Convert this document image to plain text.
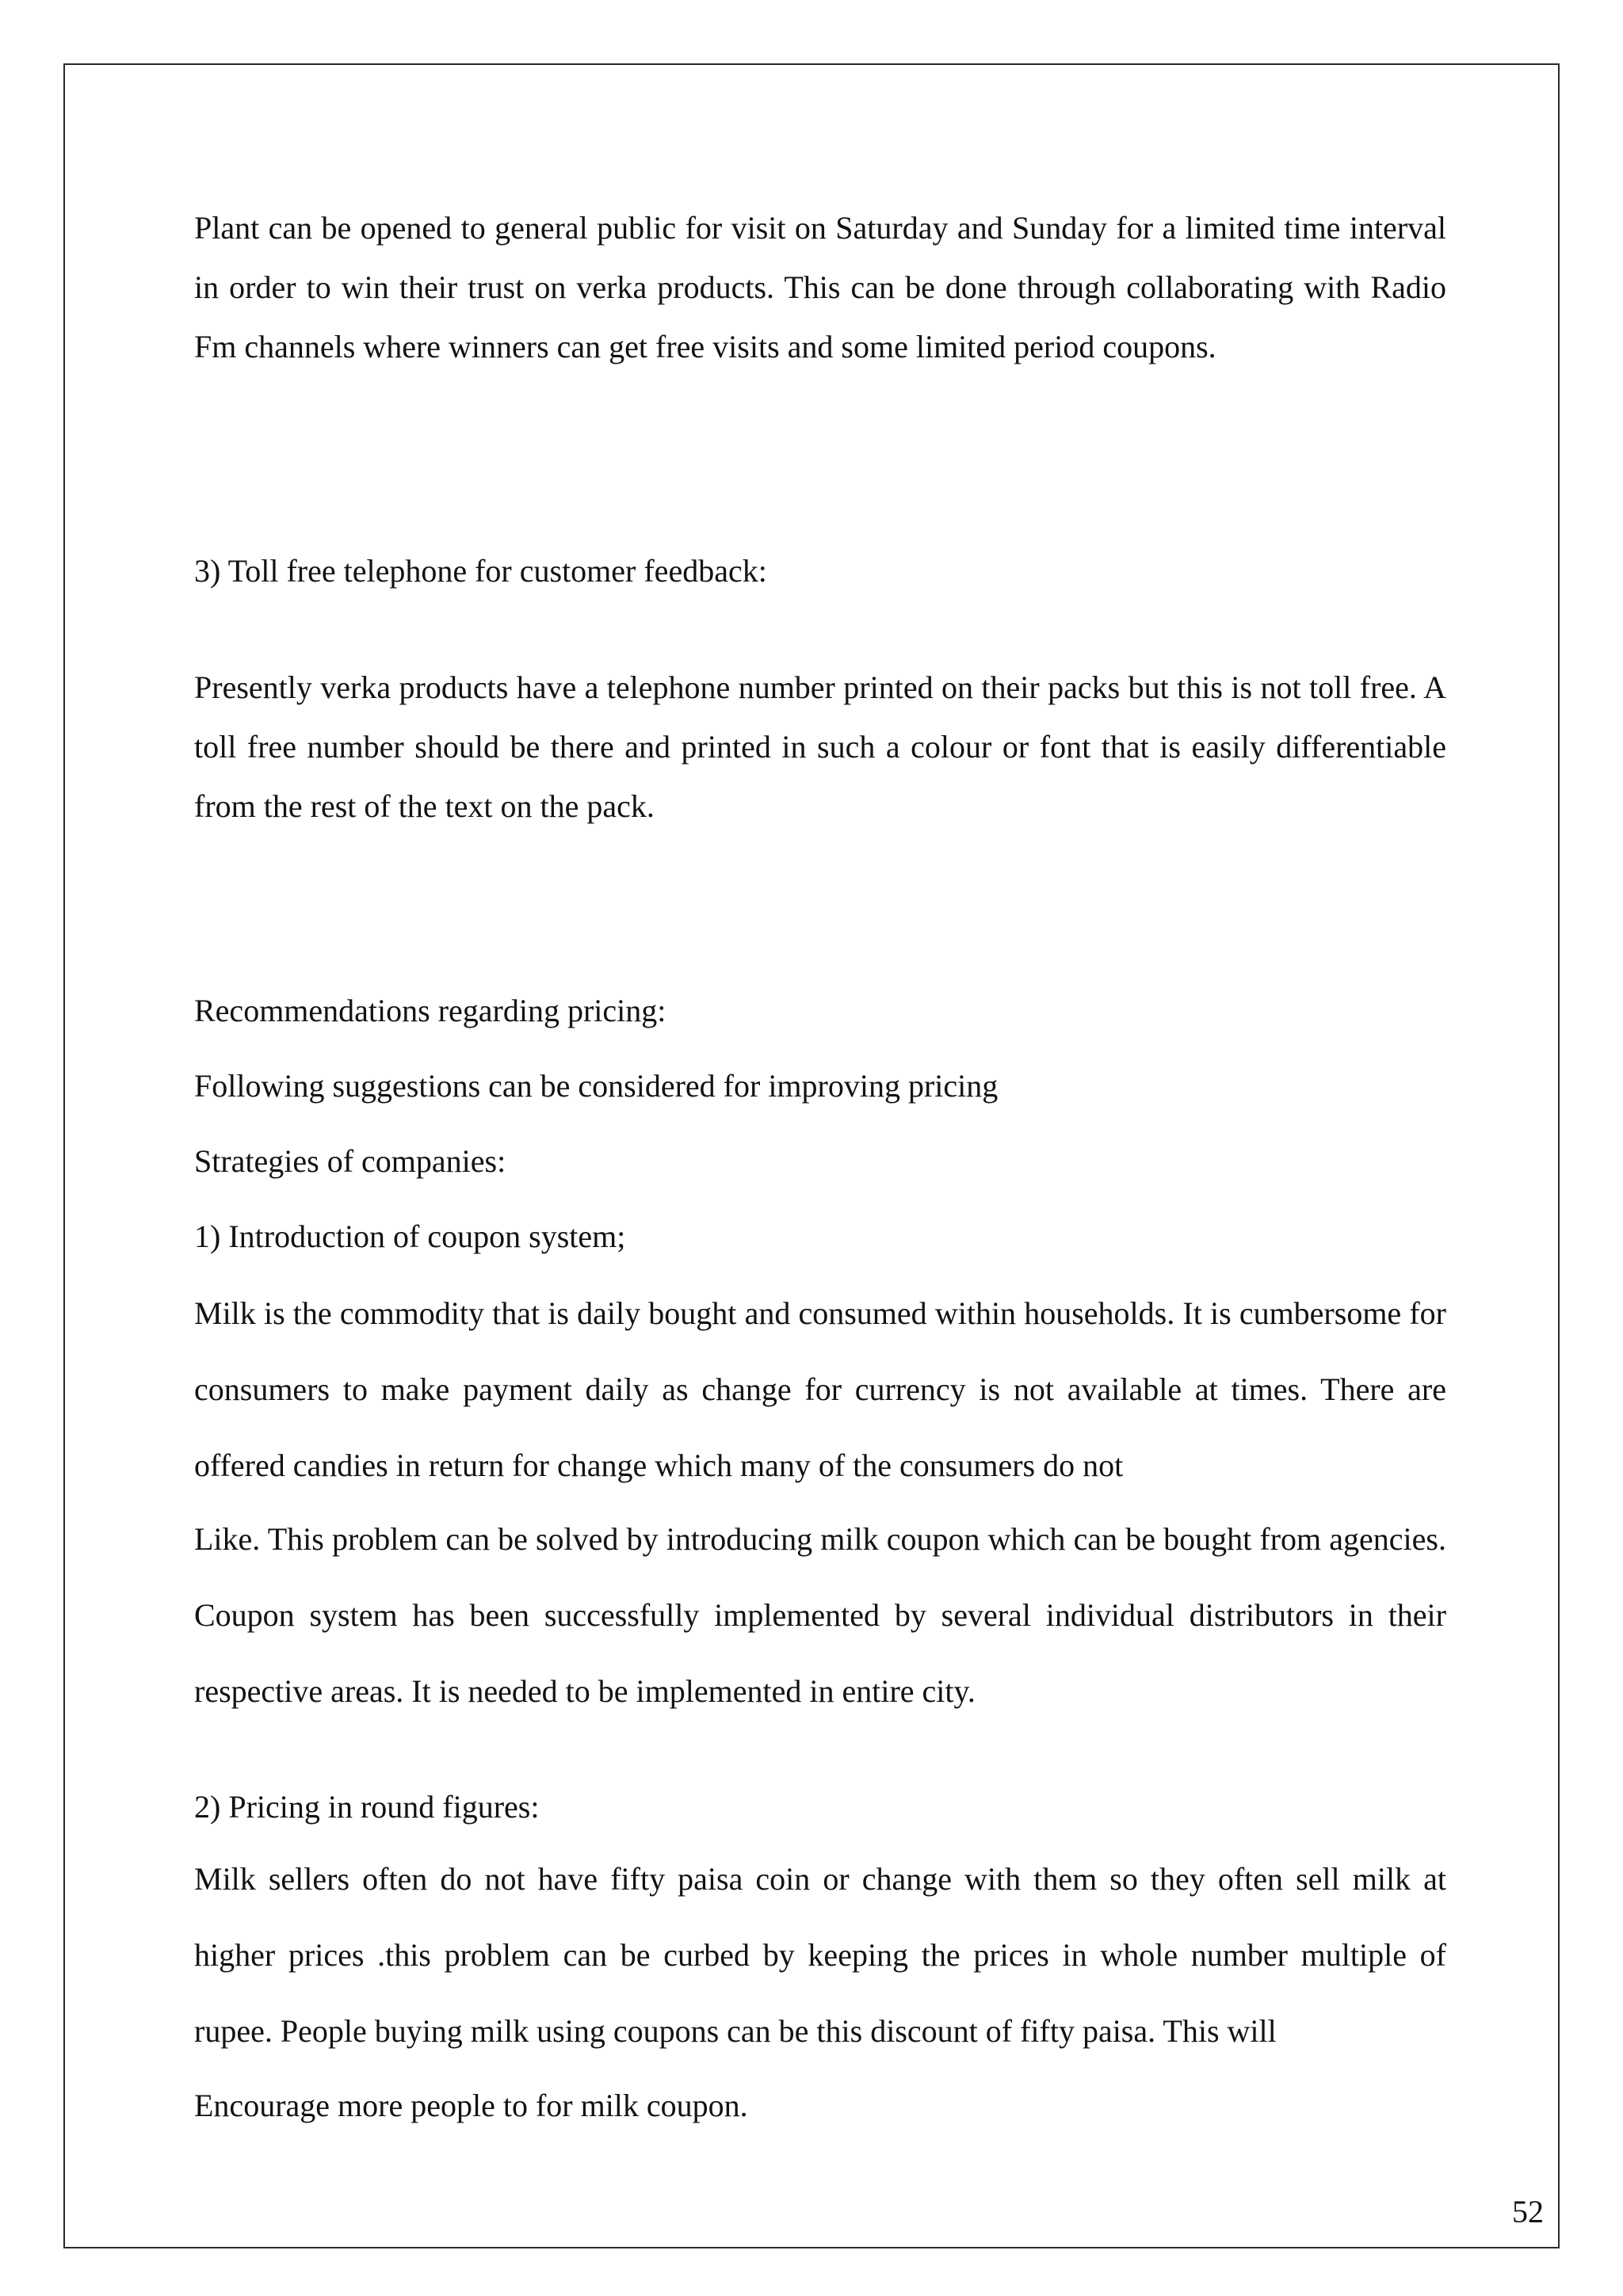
Plant can be opened to general public for visit on Saturday and Sunday for a limited time interval in order to win their trust on verka products. This can be done through collaborating with Radio Fm channels where winners can get free visits and some limited period coupons.

3) Toll free telephone for customer feedback:

Presently verka products have a telephone number printed on their packs but this is not toll free. A toll free number should be there and printed in such a colour or font that is easily differentiable from the rest of the text on the pack.

Recommendations regarding pricing:

Following suggestions can be considered for improving pricing

Strategies of companies:

1) Introduction of coupon system;

Milk is the commodity that is daily bought and consumed within households. It is cumbersome for consumers to make payment daily as change for currency is not available at times. There are offered candies in return for change which many of the consumers do not

Like. This problem can be solved by introducing milk coupon which can be bought from agencies. Coupon system has been successfully implemented by several individual distributors in their respective areas. It is needed to be implemented in entire city.

2) Pricing in round figures:

Milk sellers often do not have fifty paisa coin or change with them so they often sell milk at higher prices .this problem can be curbed by keeping the prices in whole number multiple of rupee. People buying milk using coupons can be this discount of fifty paisa. This will

Encourage more people to for milk coupon.

52
